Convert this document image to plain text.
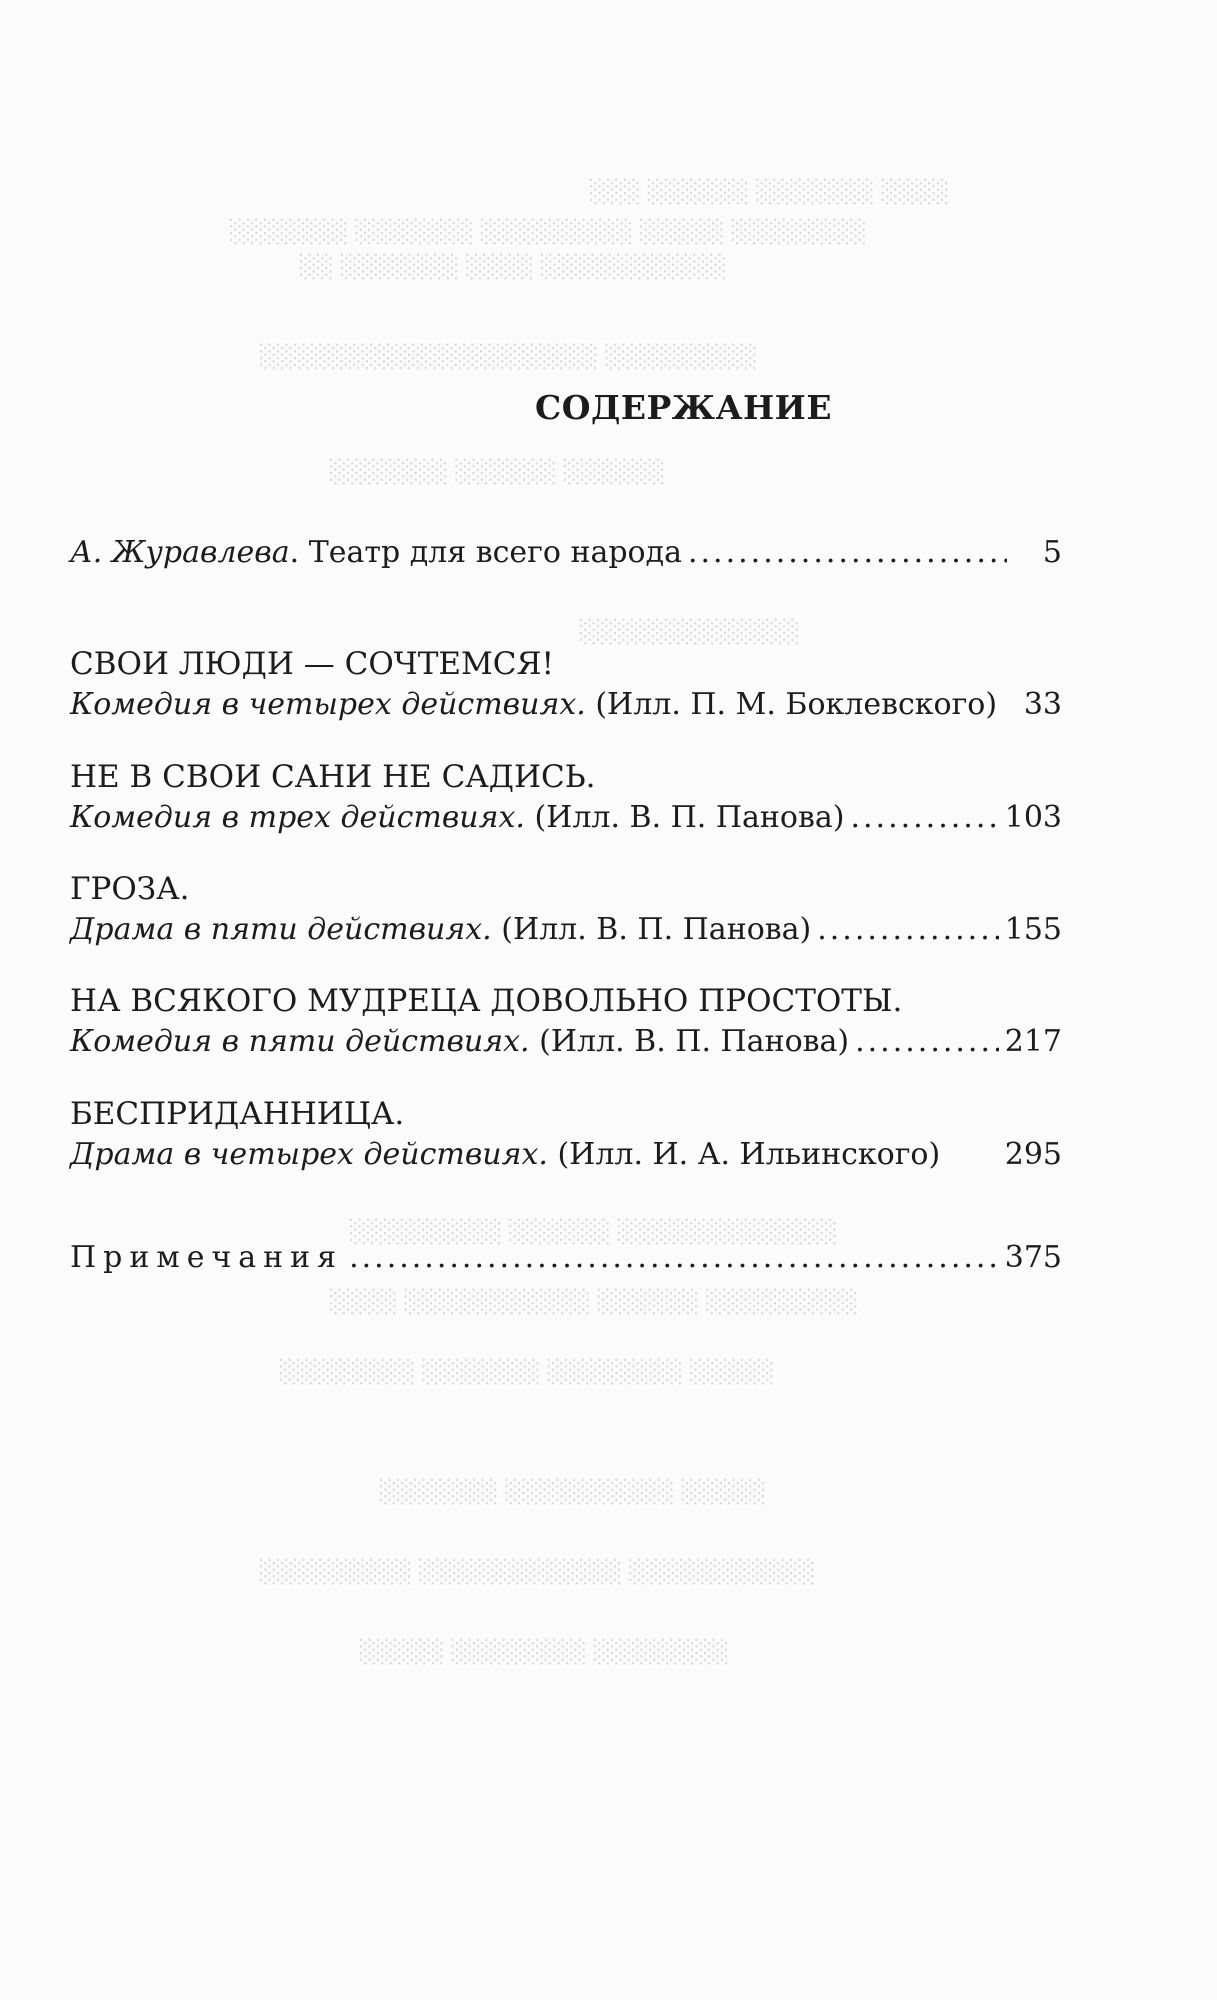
░░░ ░░░░░░ ░░░░░░░ ░░░░
░░░░░░░ ░░░░░░░ ░░░░░░░░░ ░░░░░ ░░░░░░░░
░░ ░░░░░░░ ░░░░ ░░░░░░░░░░░
░░░░░░░░░░░░░░░░░░░░ ░░░░░░░░░
░░░░░░░ ░░░░░░ ░░░░░░
░░░░░░░░░░░░░
░░░░░░░░░ ░░░░░░ ░░░░░░░░░░░░░
░░░░ ░░░░░░░░░░░ ░░░░░░ ░░░░░░░░░
░░░░░░░░ ░░░░░░░ ░░░░░░░░ ░░░░░
░░░░░░░ ░░░░░░░░░░ ░░░░░
░░░░░░░░░ ░░░░░░░░░░░░ ░░░░░░░░░░░
░░░░░ ░░░░░░░░ ░░░░░░░░
СОДЕРЖАНИЕ
А. Журавлева. Театр для всего народа .....	5
СВОИ ЛЮДИ — СОЧТЕМСЯ!
Комедия в четырех действиях. (Илл. П. М. Боклевского) 33
НЕ В СВОИ САНИ НЕ САДИСЬ.
Комедия в трех действиях. (Илл. В. П. Панова) .....	103
ГРОЗА.
Драма в пяти действиях. (Илл. В. П. Панова) .....	155
НА ВСЯКОГО МУДРЕЦА ДОВОЛЬНО ПРОСТОТЫ.
Комедия в пяти действиях. (Илл. В. П. Панова) .....	217
БЕСПРИДАННИЦА.
Драма в четырех действиях. (Илл. И. А. Ильинского) 295
Примечания .....	375
